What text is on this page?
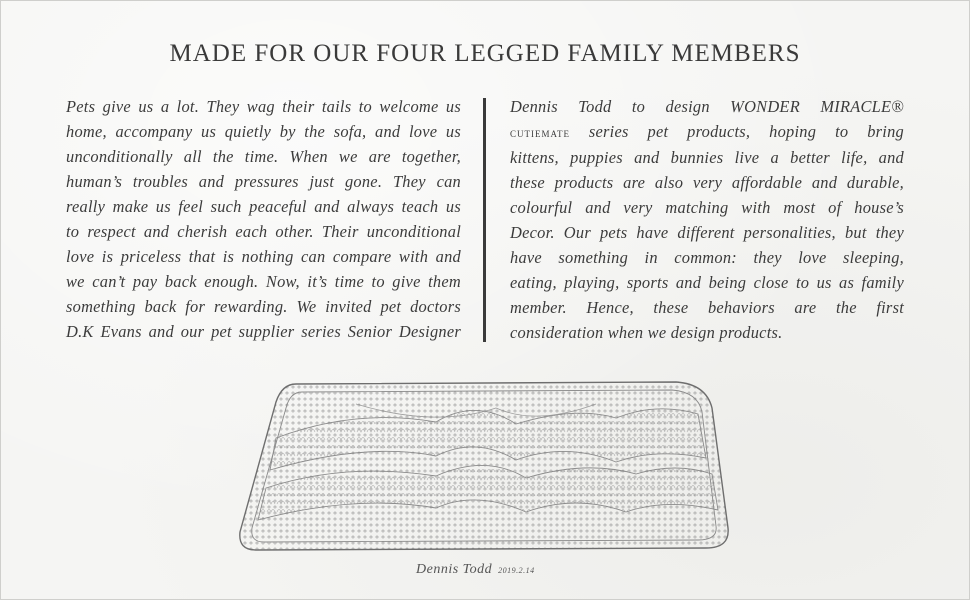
MADE FOR OUR FOUR LEGGED FAMILY MEMBERS
Pets give us a lot. They wag their tails to welcome us
home, accompany us quietly by the sofa, and love us
unconditionally all the time. When we are together,
human’s troubles and pressures just gone. They can
really make us feel such peaceful and always teach us
to respect and cherish each other. Their unconditional
love is priceless that is nothing can compare with and
we can’t pay back enough. Now, it’s time to give them
something back for rewarding. We invited pet doctors
D.K Evans and our pet supplier series Senior Designer
Dennis Todd to design WONDER MIRACLE®
cutiemate series pet products, hoping to bring
kittens, puppies and bunnies live a better life, and
these products are also very affordable and durable,
colourful and very matching with most of house’s
Decor. Our pets have different personalities, but they
have something in common: they love sleeping,
eating, playing, sports and being close to us as family
member. Hence, these behaviors are the first
consideration when we design products.
Dennis Todd 2019.2.14
